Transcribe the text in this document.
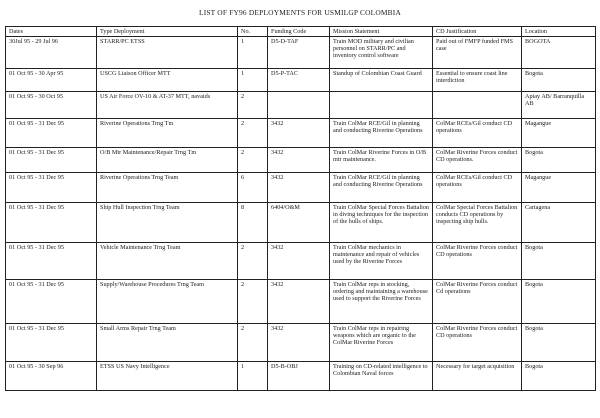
LIST OF FY96 DEPLOYMENTS FOR USMILGP COLOMBIA
Dates	Type Deployment	No.	Funding Code	Mission Statement	CD Justification	Location
30Jul 95 - 29 Jul 96	STARR/PC ETSS	1	D5-D-TAF	Train MOD military and civilian personnel on STARR/PC and inventory control software	Paid out of FMFP funded FMS case	BOGOTA
01 Oct 95 - 30 Apr 95	USCG Liaison Officer MTT	1	D5-P-TAC	Standup of Colombian Coast Guard	Essential to ensure coast line interdiction	Bogota
01 Oct 95 - 30 Oct 95	US Air Force OV-10 & AT-37 MTT, navaids	2				Apiay AB/ Barranquilla AB
01 Oct 95 - 31 Dec 95	Riverine Operations Trng Tm	2	3432	Train ColMar RCE/Gil in planning and conducting Riverine Operations	ColMar RCEs/Gil conduct CD operations	Magangue
01 Oct 95 - 31 Dec 95	O/B Mtr Maintenance/Repair Trng Tm	2	3432	Train ColMar Riverine Forces in O/B mtr maintenance.	ColMar Riverine Forces conduct CD operations.	Bogota
01 Oct 95 - 31 Dec 95	Riverine Operations Trng Team	6	3432	Train ColMar RCE/Gil in planning and conducting Riverine Operations	ColMar RCEs/Gil conduct CD operations	Magangue
01 Oct 95 - 31 Dec 95	Ship Hull Inspection Trng Team	8	6404/O&M	Train ColMar Special Forces Battalion in diving techniques for the inspection of the hulls of ships.	ColMar Special Forces Battalion conducts CD operations by inspecting ship hulls.	Cartagena
01 Oct 95 - 31 Dec 95	Vehicle Maintenance Trng Team	2	3432	Train ColMar mechanics in maintenance and repair of vehicles used by the Riverine Forces	ColMar Riverine Forces conduct CD operations	Bogota
01 Oct 95 - 31 Dec 95	Supply/Warehouse Procedures Trng Team	2	3432	Train ColMar reps in stocking, ordering and maintaining a warehouse used to support the Riverine Forces	ColMar Riverine Forces conduct Cd operations	Bogota
01 Oct 95 - 31 Dec 95	Small Arms Repair Trng Team	2	3432	Train ColMar reps in repairing weapons which are organic to the ColMar Riverine Forces	ColMar Riverine Forces conduct CD operations	Bogota
01 Oct 95 - 30 Sep 96	ETSS US Navy Intelligence	1	D5-B-OBJ	Training on CD-related intelligence to Colombian Naval forces	Necessary for target acquisition	Bogota
